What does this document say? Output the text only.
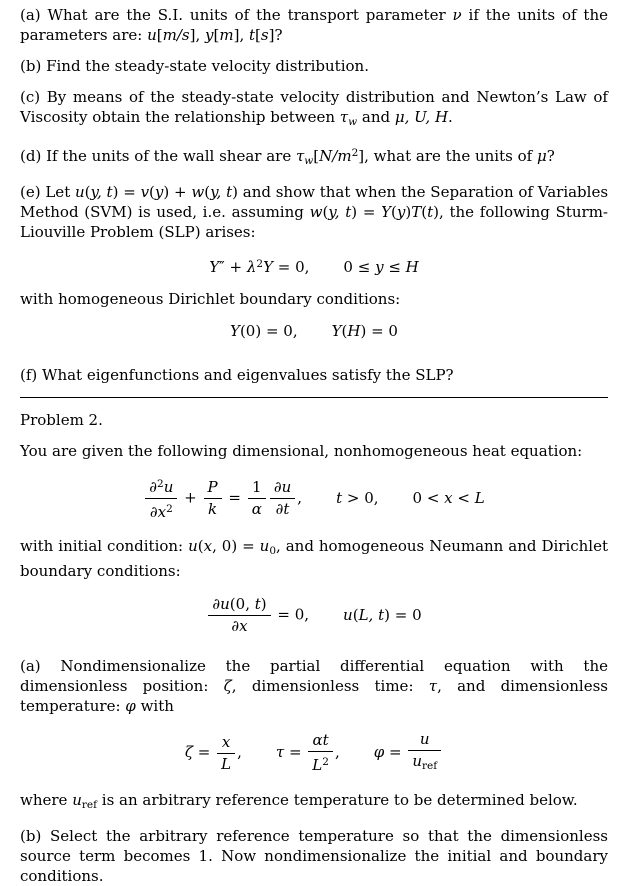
(a) What are the S.I. units of the transport parameter ν if the units of the parameters are: u[m/s], y[m], t[s]?

(b) Find the steady-state velocity distribution.

(c) By means of the steady-state velocity distribution and Newton’s Law of Viscosity obtain the relationship between $\tau_w$ and μ, U, H.

(d) If the units of the wall shear are $\tau_w[N/m^2]$, what are the units of μ?

(e) Let u(y, t) = v(y) + w(y, t) and show that when the Separation of Variables Method (SVM) is used, i.e. assuming w(y, t) = Y(y)T(t), the following Sturm-Liouville Problem (SLP) arises:

$Y'' + \lambda^2Y = 0$, 0 ≤ y ≤ H

with homogeneous Dirichlet boundary conditions:

Y(0) = 0, Y(H) = 0

(f) What eigenfunctions and eigenvalues satisfy the SLP?

Problem 2.

You are given the following dimensional, nonhomogeneous heat equation:

$\frac{\partial^2u}{\partial x^2} + \frac{P}{k} = \frac{1}{\alpha} \frac{\partial u}{\partial t}$ , t > 0, 0 < x < L

with initial condition: u(x, $0) = u_0$, and homogeneous Neumann and Dirichlet boundary conditions:

$\frac{\partial u(0, t)}{\partial x} = 0$, u(L, t) = 0

(a) Nondimensionalize the partial differential equation with the dimensionless position: ζ, dimensionless time: τ, and dimensionless temperature: φ with

$\zeta = \frac{x}{L}$ , $\tau = \frac{\alpha t}{L^2}$ , $\varphi = \frac{u}{u_{ref}}$

where $u_{ref}$ is an arbitrary reference temperature to be determined below.

(b) Select the arbitrary reference temperature so that the dimensionless source term becomes 1. Now nondimensionalize the initial and boundary conditions.
